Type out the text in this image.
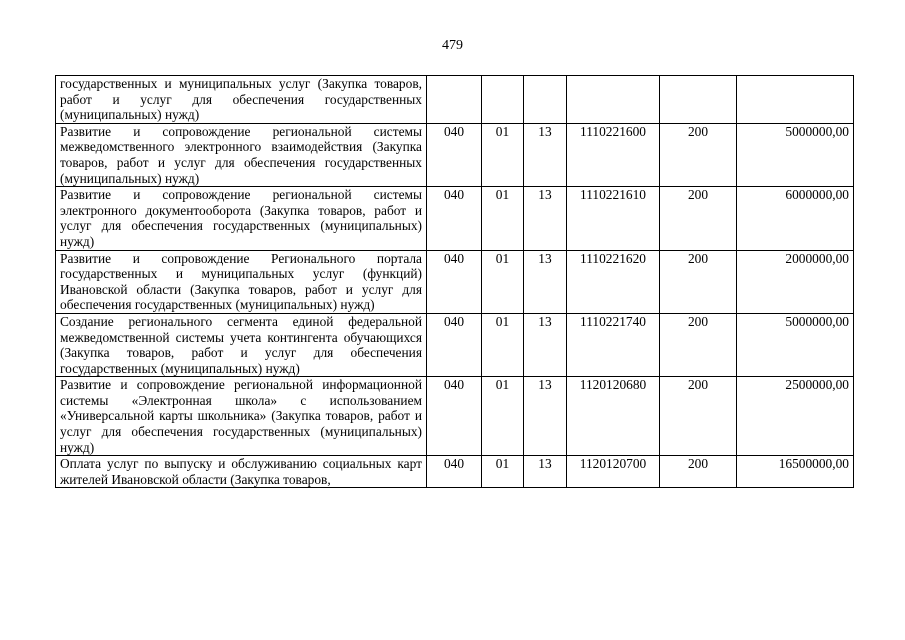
479
государственных и муниципальных услуг (Закупка товаров, работ и услуг для обеспечения государственных (муниципальных) нужд)						
Развитие и сопровождение региональной системы межведомственного электронного взаимодействия (Закупка товаров, работ и услуг для обеспечения государственных (муниципальных) нужд)	040	01	13	1110221600	200	5000000,00
Развитие и сопровождение региональной системы электронного документооборота (Закупка товаров, работ и услуг для обеспечения государственных (муниципальных) нужд)	040	01	13	1110221610	200	6000000,00
Развитие и сопровождение Регионального портала государственных и муниципальных услуг (функций) Ивановской области (Закупка товаров, работ и услуг для обеспечения государственных (муниципальных) нужд)	040	01	13	1110221620	200	2000000,00
Создание регионального сегмента единой федеральной межведомственной системы учета контингента обучающихся (Закупка товаров, работ и услуг для обеспечения государственных (муниципальных) нужд)	040	01	13	1110221740	200	5000000,00
Развитие и сопровождение региональной информационной системы «Электронная школа» с использованием «Универсальной карты школьника» (Закупка товаров, работ и услуг для обеспечения государственных (муниципальных) нужд)	040	01	13	1120120680	200	2500000,00
Оплата услуг по выпуску и обслуживанию социальных карт жителей Ивановской области (Закупка товаров,	040	01	13	1120120700	200	16500000,00
